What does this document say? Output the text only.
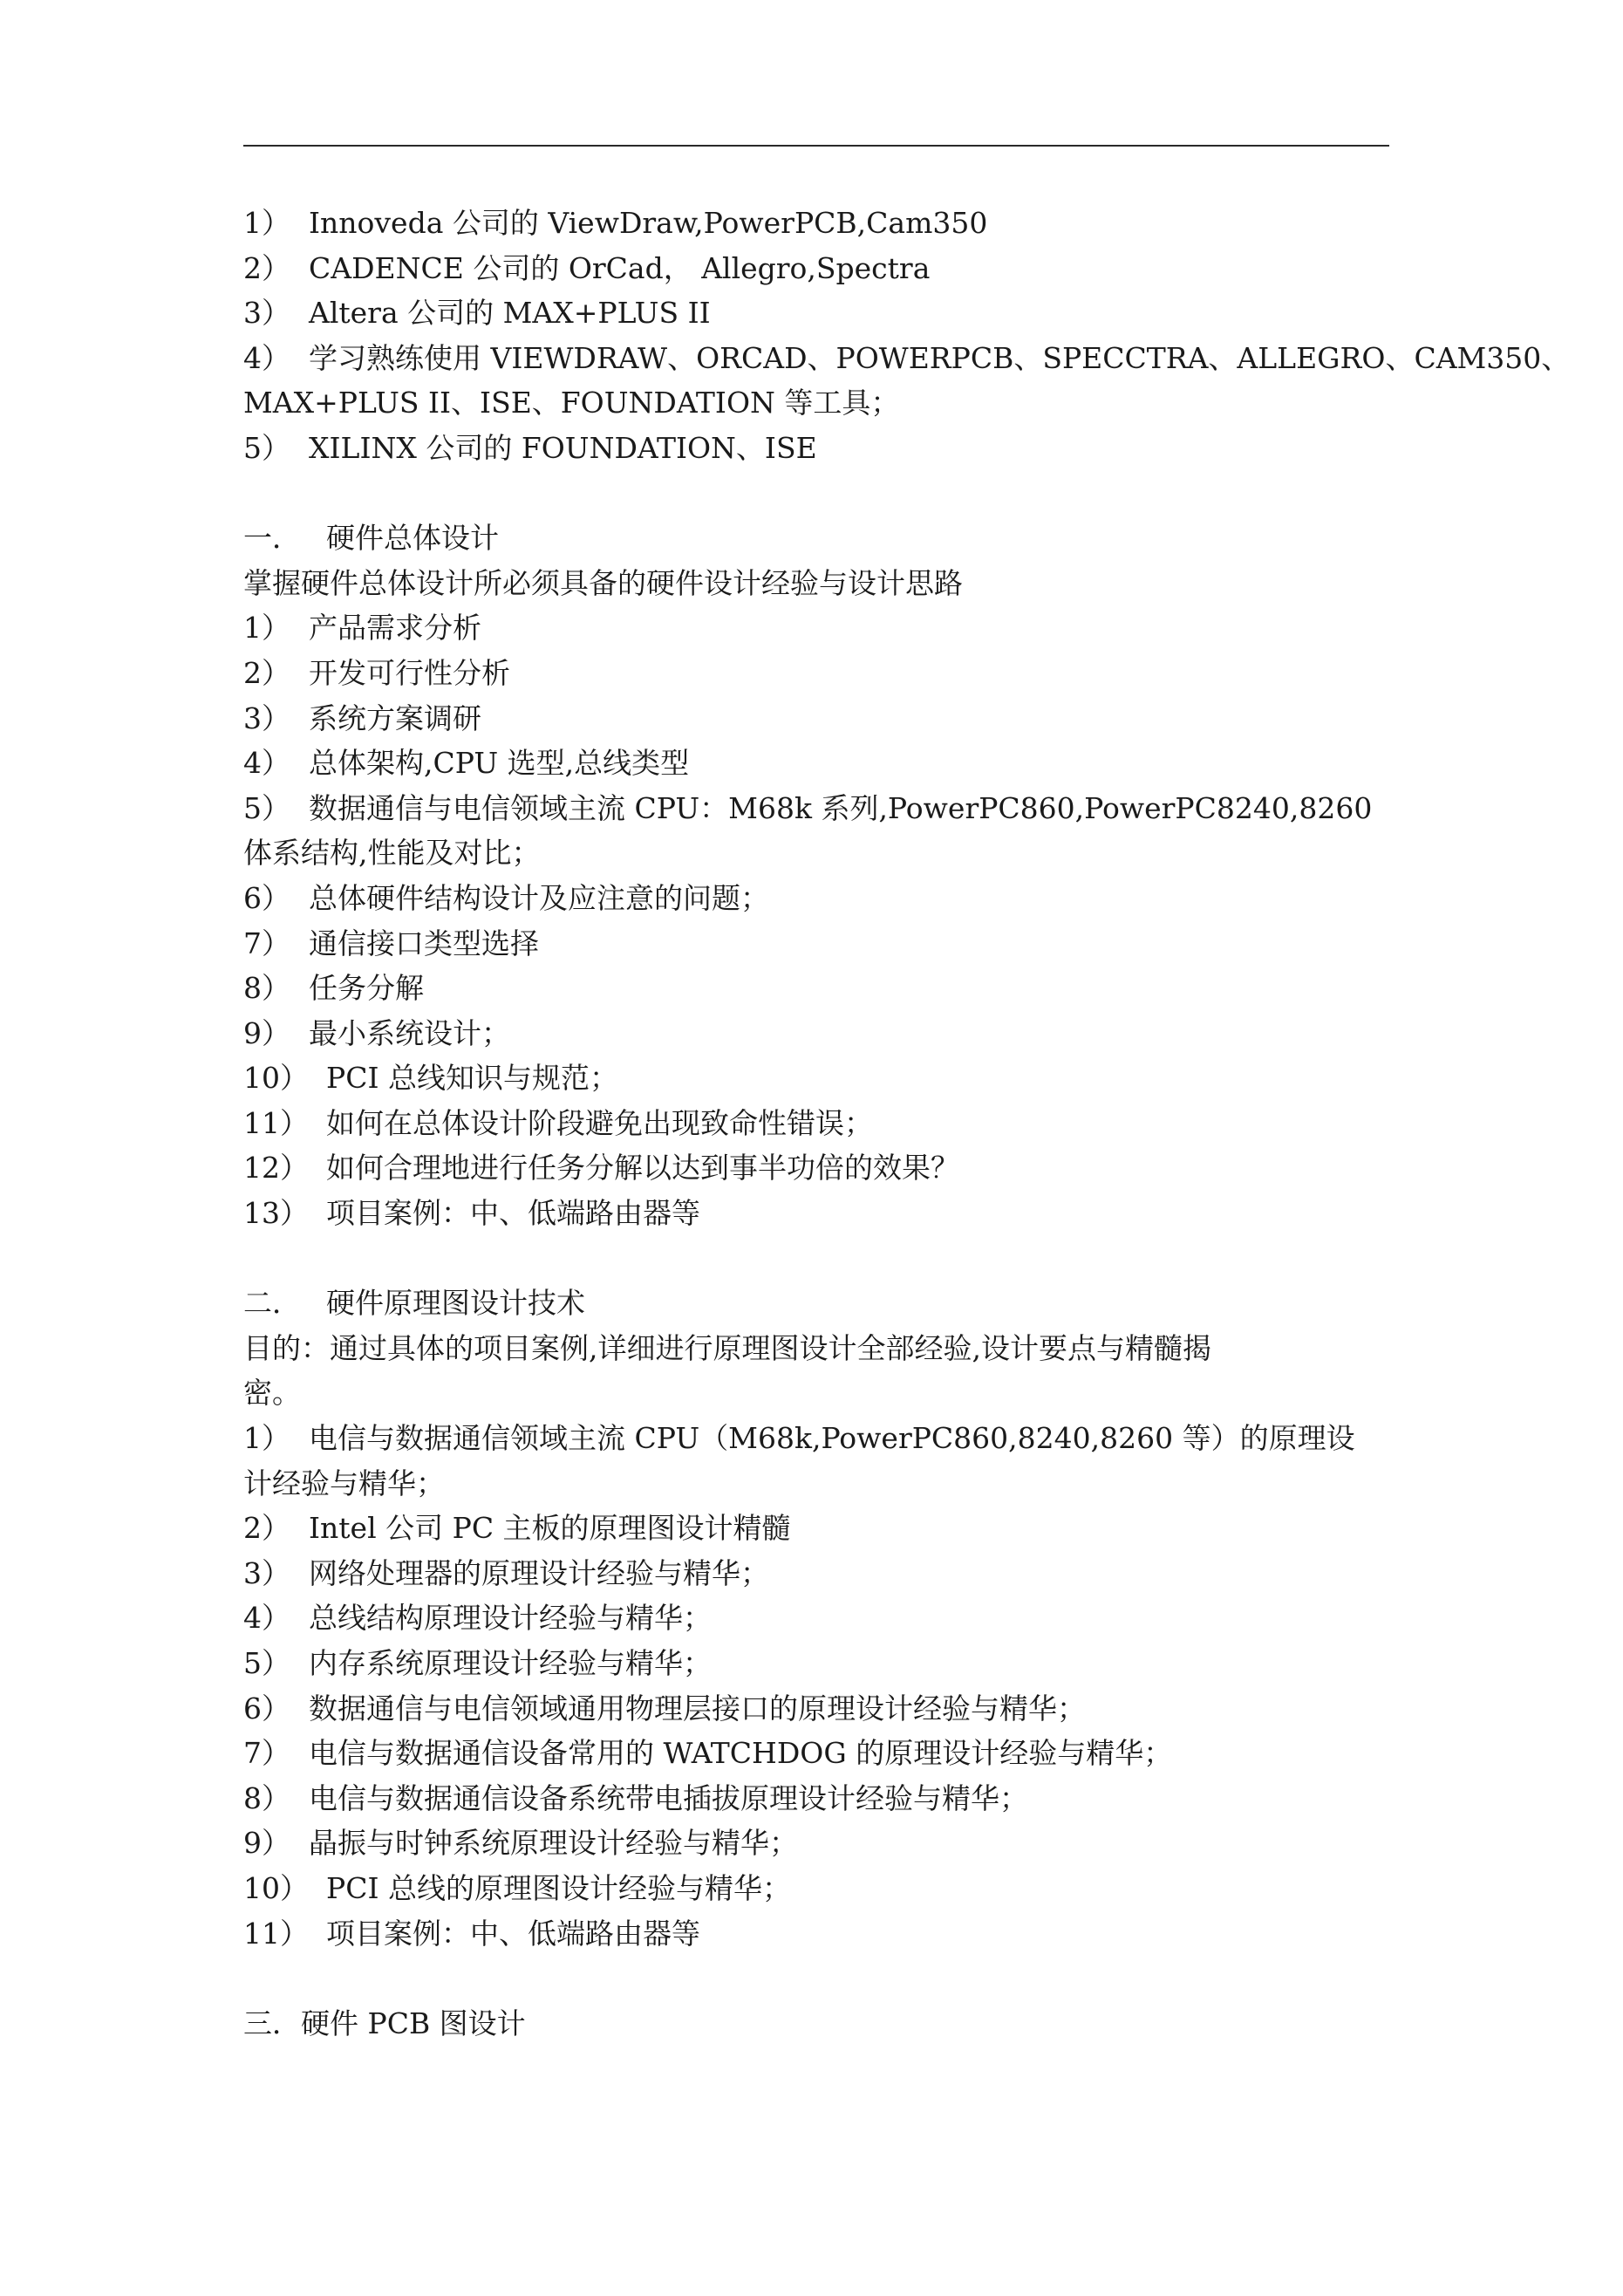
1） Innoveda 公司的 ViewDraw,PowerPCB,Cam350

2） CADENCE 公司的 OrCad， Allegro,Spectra

3） Altera 公司的 MAX+PLUS II

4） 学习熟练使用 VIEWDRAW、ORCAD、POWERPCB、SPECCTRA、ALLEGRO、CAM350、

MAX+PLUS II、ISE、FOUNDATION 等工具；

5） XILINX 公司的 FOUNDATION、ISE

一． 硬件总体设计

掌握硬件总体设计所必须具备的硬件设计经验与设计思路

1） 产品需求分析

2） 开发可行性分析

3） 系统方案调研

4） 总体架构,CPU 选型,总线类型

5） 数据通信与电信领域主流 CPU：M68k 系列,PowerPC860,PowerPC8240,8260

体系结构,性能及对比；

6） 总体硬件结构设计及应注意的问题；

7） 通信接口类型选择

8） 任务分解

9） 最小系统设计；

10） PCI 总线知识与规范；

11） 如何在总体设计阶段避免出现致命性错误；

12） 如何合理地进行任务分解以达到事半功倍的效果？

13） 项目案例：中、低端路由器等

二． 硬件原理图设计技术

目的：通过具体的项目案例,详细进行原理图设计全部经验,设计要点与精髓揭

密。

1） 电信与数据通信领域主流 CPU（M68k,PowerPC860,8240,8260 等）的原理设

计经验与精华；

2） Intel 公司 PC 主板的原理图设计精髓

3） 网络处理器的原理设计经验与精华；

4） 总线结构原理设计经验与精华；

5） 内存系统原理设计经验与精华；

6） 数据通信与电信领域通用物理层接口的原理设计经验与精华；

7） 电信与数据通信设备常用的 WATCHDOG 的原理设计经验与精华；

8） 电信与数据通信设备系统带电插拔原理设计经验与精华；

9） 晶振与时钟系统原理设计经验与精华；

10） PCI 总线的原理图设计经验与精华；

11） 项目案例：中、低端路由器等

三．硬件 PCB 图设计
